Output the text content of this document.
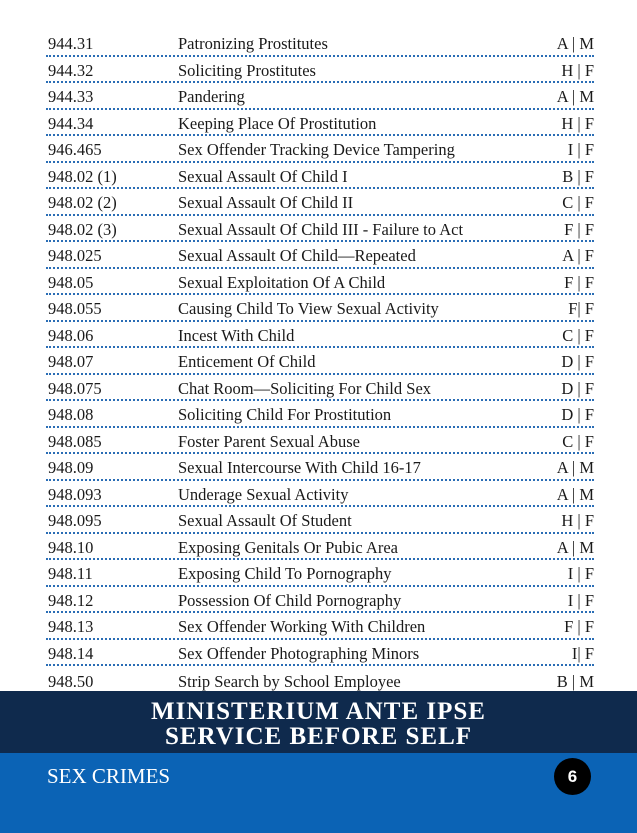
944.31	Patronizing Prostitutes	A | M
944.32	Soliciting Prostitutes	H | F
944.33	Pandering	A | M
944.34	Keeping Place Of Prostitution	H | F
946.465	Sex Offender Tracking Device Tampering	I | F
948.02 (1)	Sexual Assault Of Child I	B | F
948.02 (2)	Sexual Assault Of Child II	C | F
948.02 (3)	Sexual Assault Of Child III - Failure to Act	F | F
948.025	Sexual Assault Of Child—Repeated	A | F
948.05	Sexual Exploitation Of A Child	F | F
948.055	Causing Child To View Sexual Activity	F| F
948.06	Incest With Child	C | F
948.07	Enticement Of Child	D | F
948.075	Chat Room—Soliciting For Child Sex	D | F
948.08	Soliciting Child For Prostitution	D | F
948.085	Foster Parent Sexual Abuse	C | F
948.09	Sexual Intercourse With Child 16-17	A | M
948.093	Underage Sexual Activity	A | M
948.095	Sexual Assault Of Student	H | F
948.10	Exposing Genitals Or Pubic Area	A | M
948.11	Exposing Child To Pornography	I | F
948.12	Possession Of Child Pornography	I | F
948.13	Sex Offender Working With Children	F | F
948.14	Sex Offender Photographing Minors	I| F
948.50	Strip Search by School Employee	B | M
MINISTERIUM ANTE IPSE
SERVICE BEFORE SELF
SEX CRIMES	6
